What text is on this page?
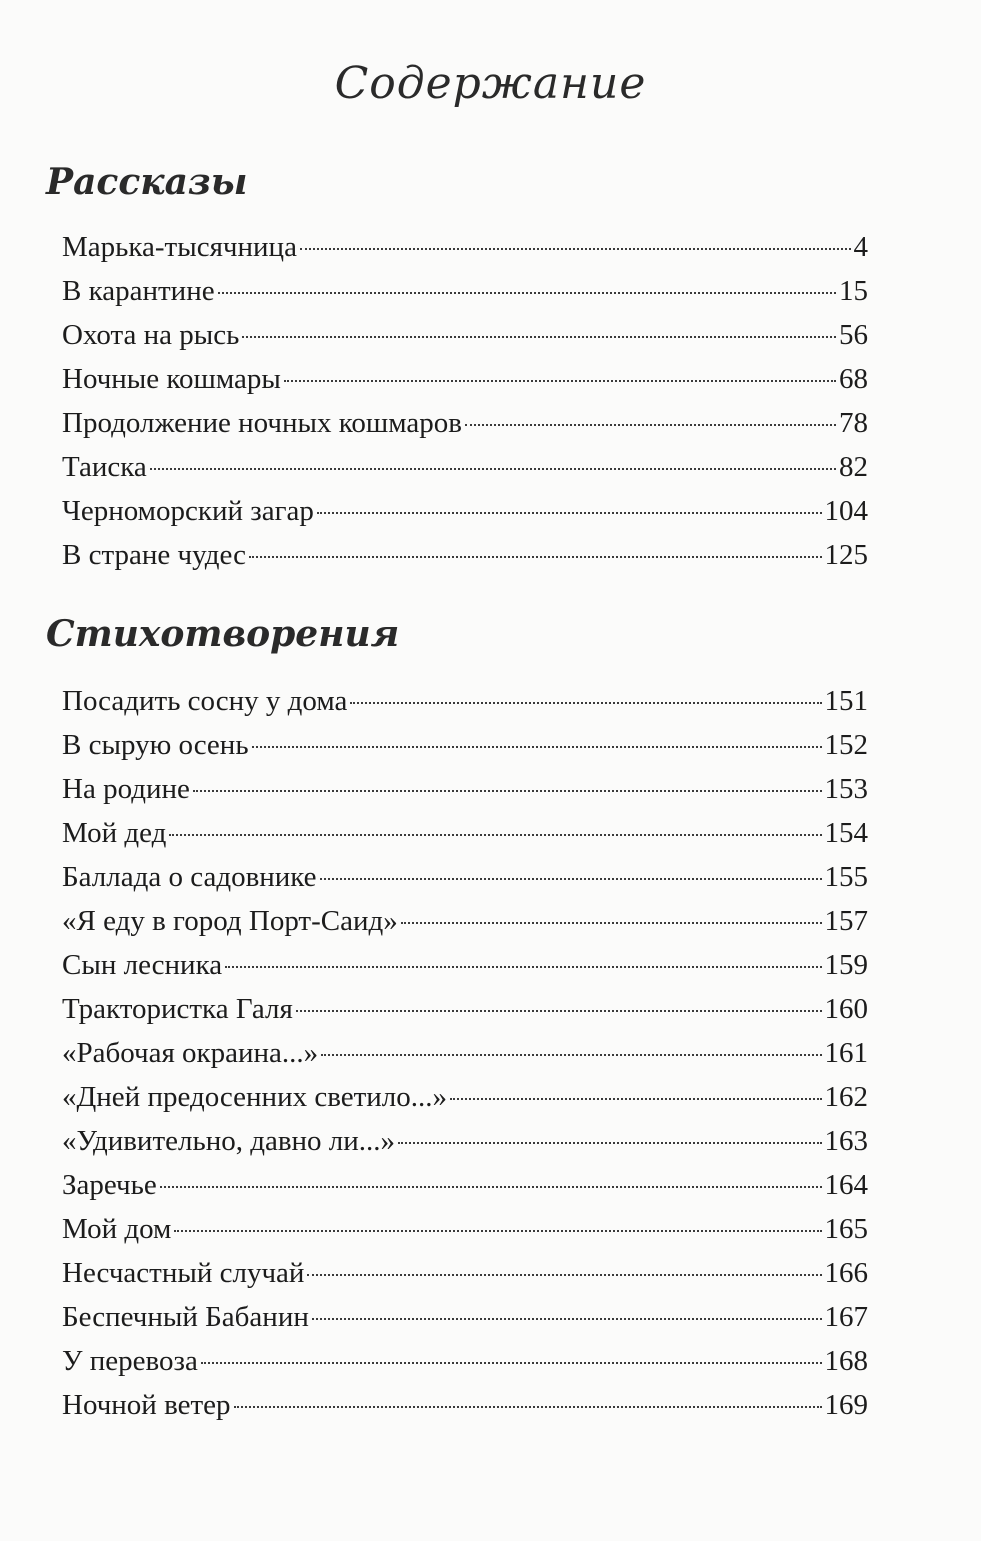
Содержание
Рассказы
Марька-тысячница	4
В карантине	15
Охота на рысь	56
Ночные кошмары	68
Продолжение ночных кошмаров	78
Таиска	82
Черноморский загар	104
В стране чудес	125
Стихотворения
Посадить сосну у дома	151
В сырую осень	152
На родине	153
Мой дед	154
Баллада о садовнике	155
«Я еду в город Порт-Саид»	157
Сын лесника	159
Трактористка Галя	160
«Рабочая окраина...»	161
«Дней предосенних светило...»	162
«Удивительно, давно ли...»	163
Заречье	164
Мой дом	165
Несчастный случай	166
Беспечный Бабанин	167
У перевоза	168
Ночной ветер	169
